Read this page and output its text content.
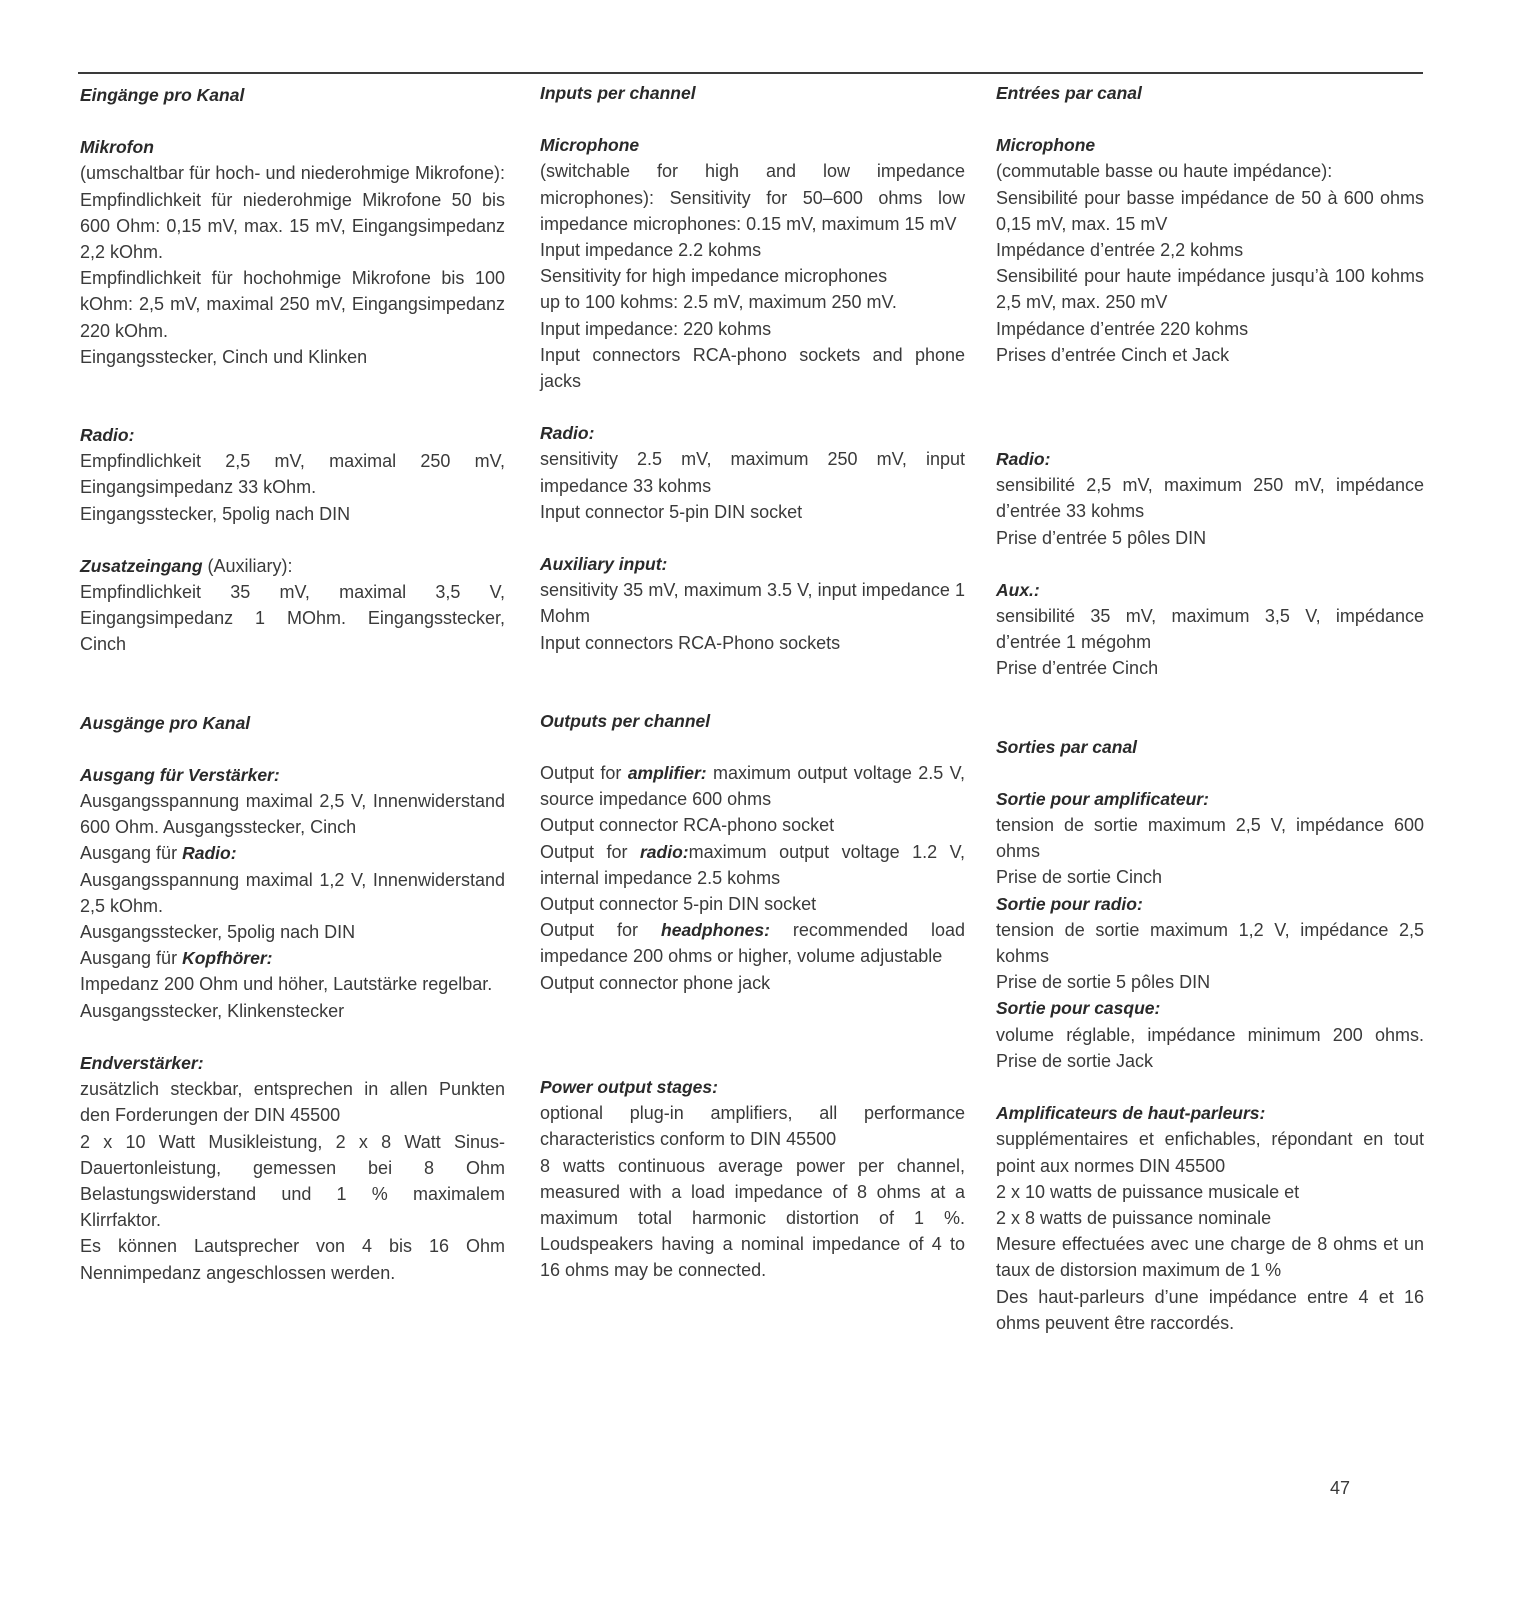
Eingänge pro Kanal
Mikrofon
(umschaltbar für hoch- und niederohmige Mikrofone): Empfindlichkeit für niederohmige Mikrofone 50 bis 600 Ohm: 0,15 mV, max. 15 mV, Eingangsimpedanz 2,2 kOhm.
Empfindlichkeit für hochohmige Mikrofone bis 100 kOhm: 2,5 mV, maximal 250 mV, Eingangsimpedanz 220 kOhm.
Eingangsstecker, Cinch und Klinken
Radio:
Empfindlichkeit 2,5 mV, maximal 250 mV, Eingangsimpedanz 33 kOhm.
Eingangsstecker, 5polig nach DIN
Zusatzeingang (Auxiliary):
Empfindlichkeit 35 mV, maximal 3,5 V, Eingangsimpedanz 1 MOhm. Eingangsstecker, Cinch
Ausgänge pro Kanal
Ausgang für Verstärker:
Ausgangsspannung maximal 2,5 V, Innenwiderstand 600 Ohm. Ausgangsstecker, Cinch
Ausgang für Radio:
Ausgangsspannung maximal 1,2 V, Innenwiderstand 2,5 kOhm.
Ausgangsstecker, 5polig nach DIN
Ausgang für Kopfhörer:
Impedanz 200 Ohm und höher, Lautstärke regelbar.
Ausgangsstecker, Klinkenstecker
Endverstärker:
zusätzlich steckbar, entsprechen in allen Punkten den Forderungen der DIN 45500
2 x 10 Watt Musikleistung, 2 x 8 Watt Sinus-Dauertonleistung, gemessen bei 8 Ohm Belastungswiderstand und 1 % maximalem Klirrfaktor.
Es können Lautsprecher von 4 bis 16 Ohm Nennimpedanz angeschlossen werden.
Inputs per channel
Microphone
(switchable for high and low impedance microphones): Sensitivity for 50–600 ohms low impedance microphones: 0.15 mV, maximum 15 mV
Input impedance 2.2 kohms
Sensitivity for high impedance microphones
up to 100 kohms: 2.5 mV, maximum 250 mV.
Input impedance: 220 kohms
Input connectors RCA-phono sockets and phone jacks
Radio:
sensitivity 2.5 mV, maximum 250 mV, input impedance 33 kohms
Input connector 5-pin DIN socket
Auxiliary input:
sensitivity 35 mV, maximum 3.5 V, input impedance 1 Mohm
Input connectors RCA-Phono sockets
Outputs per channel
Output for amplifier: maximum output voltage 2.5 V, source impedance 600 ohms
Output connector RCA-phono socket
Output for radio:maximum output voltage 1.2 V, internal impedance 2.5 kohms
Output connector 5-pin DIN socket
Output for headphones: recommended load impedance 200 ohms or higher, volume adjustable
Output connector phone jack
Power output stages:
optional plug-in amplifiers, all performance characteristics conform to DIN 45500
8 watts continuous average power per channel, measured with a load impedance of 8 ohms at a maximum total harmonic distortion of 1 %. Loudspeakers having a nominal impedance of 4 to 16 ohms may be connected.
Entrées par canal
Microphone
(commutable basse ou haute impédance):
Sensibilité pour basse impédance de 50 à 600 ohms 0,15 mV, max. 15 mV
Impédance d’entrée 2,2 kohms
Sensibilité pour haute impédance jusqu’à 100 kohms 2,5 mV, max. 250 mV
Impédance d’entrée 220 kohms
Prises d’entrée Cinch et Jack
Radio:
sensibilité 2,5 mV, maximum 250 mV, impédance d’entrée 33 kohms
Prise d’entrée 5 pôles DIN
Aux.:
sensibilité 35 mV, maximum 3,5 V, impédance d’entrée 1 mégohm
Prise d’entrée Cinch
Sorties par canal
Sortie pour amplificateur:
tension de sortie maximum 2,5 V, impédance 600 ohms
Prise de sortie Cinch
Sortie pour radio:
tension de sortie maximum 1,2 V, impédance 2,5 kohms
Prise de sortie 5 pôles DIN
Sortie pour casque:
volume réglable, impédance minimum 200 ohms. Prise de sortie Jack
Amplificateurs de haut-parleurs:
supplémentaires et enfichables, répondant en tout point aux normes DIN 45500
2 x 10 watts de puissance musicale et
2 x 8 watts de puissance nominale
Mesure effectuées avec une charge de 8 ohms et un taux de distorsion maximum de 1 %
Des haut-parleurs d’une impédance entre 4 et 16 ohms peuvent être raccordés.
47
